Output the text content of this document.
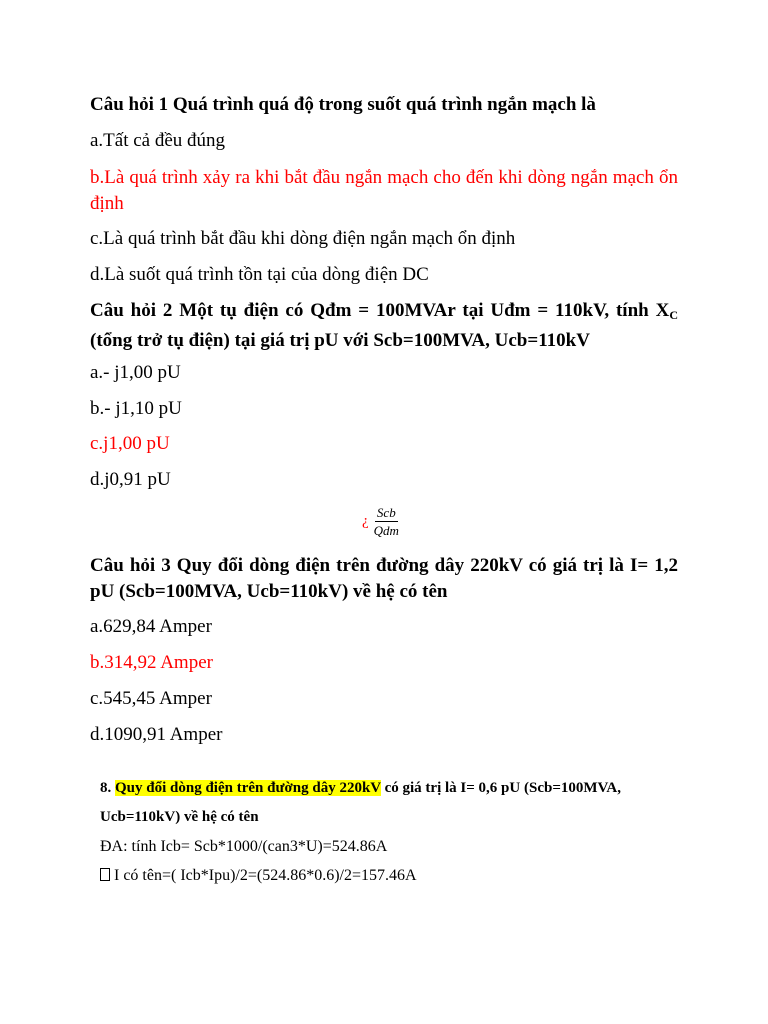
Câu hỏi 1 Quá trình quá độ trong suốt quá trình ngắn mạch là
a.Tất cả đều đúng
b.Là quá trình xảy ra khi bắt đầu ngắn mạch cho đến khi dòng ngắn mạch ổn định
c.Là quá trình bắt đầu khi dòng điện ngắn mạch ổn định
d.Là suốt quá trình tồn tại của dòng điện DC
Câu hỏi 2 Một tụ điện có Qđm = 100MVAr tại Uđm = 110kV, tính $X_C$ (tổng trở tụ điện) tại giá trị pU với Scb=100MVA, Ucb=110kV
a.- j1,00 pU
b.- j1,10 pU
c.j1,00 pU
d.j0,91 pU
¿ $\frac{\text{Scb}}{\text{Qdm}}$
Câu hỏi 3 Quy đổi dòng điện trên đường dây 220kV có giá trị là I= 1,2 pU (Scb=100MVA, Ucb=110kV) về hệ có tên
a.629,84 Amper
b.314,92 Amper
c.545,45 Amper
d.1090,91 Amper
8. Quy đổi dòng điện trên đường dây 220kV có giá trị là I= 0,6 pU (Scb=100MVA,
Ucb=110kV) về hệ có tên
ĐA: tính Icb= Scb*1000/(can3*U)=524.86A
I có tên=( Icb*Ipu)/2=(524.86*0.6)/2=157.46A
